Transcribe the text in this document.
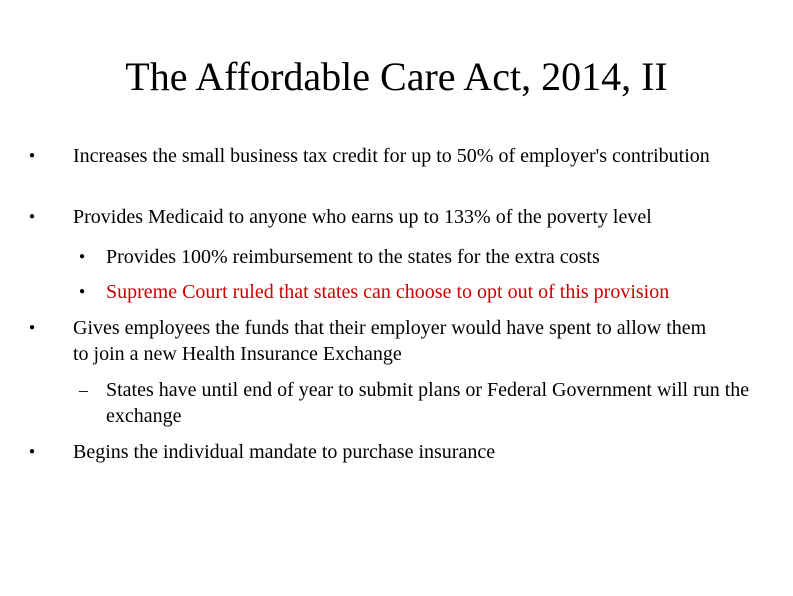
The Affordable Care Act, 2014, II
● Increases the small business tax credit for up to 50% of employer's contribution
● Provides Medicaid to anyone who earns up to 133% of the poverty level
● Provides 100% reimbursement to the states for the extra costs
● Supreme Court ruled that states can choose to opt out of this provision
● Gives employees the funds that their employer would have spent to allow them to join a new Health Insurance Exchange
– States have until end of year to submit plans or Federal Government will run the exchange
● Begins the individual mandate to purchase insurance
